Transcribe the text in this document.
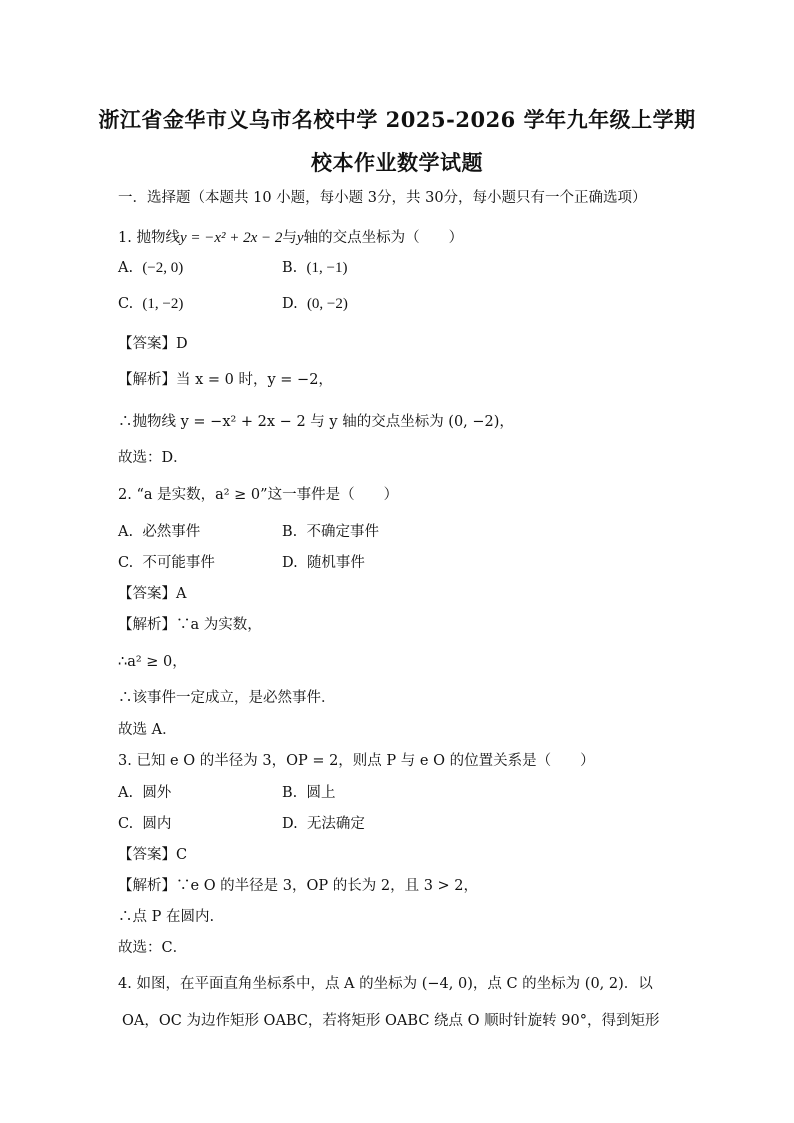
浙江省金华市义乌市名校中学 2025-2026 学年九年级上学期
校本作业数学试题
一．选择题（本题共 10 小题，每小题 3分，共 30分，每小题只有一个正确选项）
1. 抛物线y = −x² + 2x − 2与y轴的交点坐标为（　　）
A. (−2, 0)	B. (1, −1)
C. (1, −2)	D. (0, −2)
【答案】D
【解析】当 x = 0 时，y = −2，
∴抛物线 y = −x² + 2x − 2 与 y 轴的交点坐标为 (0, −2)，
故选：D．
2. “a 是实数，a² ≥ 0”这一事件是（　　）
A. 必然事件	B. 不确定事件
C. 不可能事件	D. 随机事件
【答案】A
【解析】∵a 为实数，
∴a² ≥ 0，
∴该事件一定成立，是必然事件．
故选 A．
3. 已知 e O 的半径为 3，OP = 2，则点 P 与 e O 的位置关系是（　　）
A. 圆外	B. 圆上
C. 圆内	D. 无法确定
【答案】C
【解析】∵e O 的半径是 3，OP 的长为 2，且 3 > 2，
∴点 P 在圆内.
故选：C．
4. 如图，在平面直角坐标系中，点 A 的坐标为 (−4, 0)，点 C 的坐标为 (0, 2)．以
OA，OC 为边作矩形 OABC，若将矩形 OABC 绕点 O 顺时针旋转 90°，得到矩形
